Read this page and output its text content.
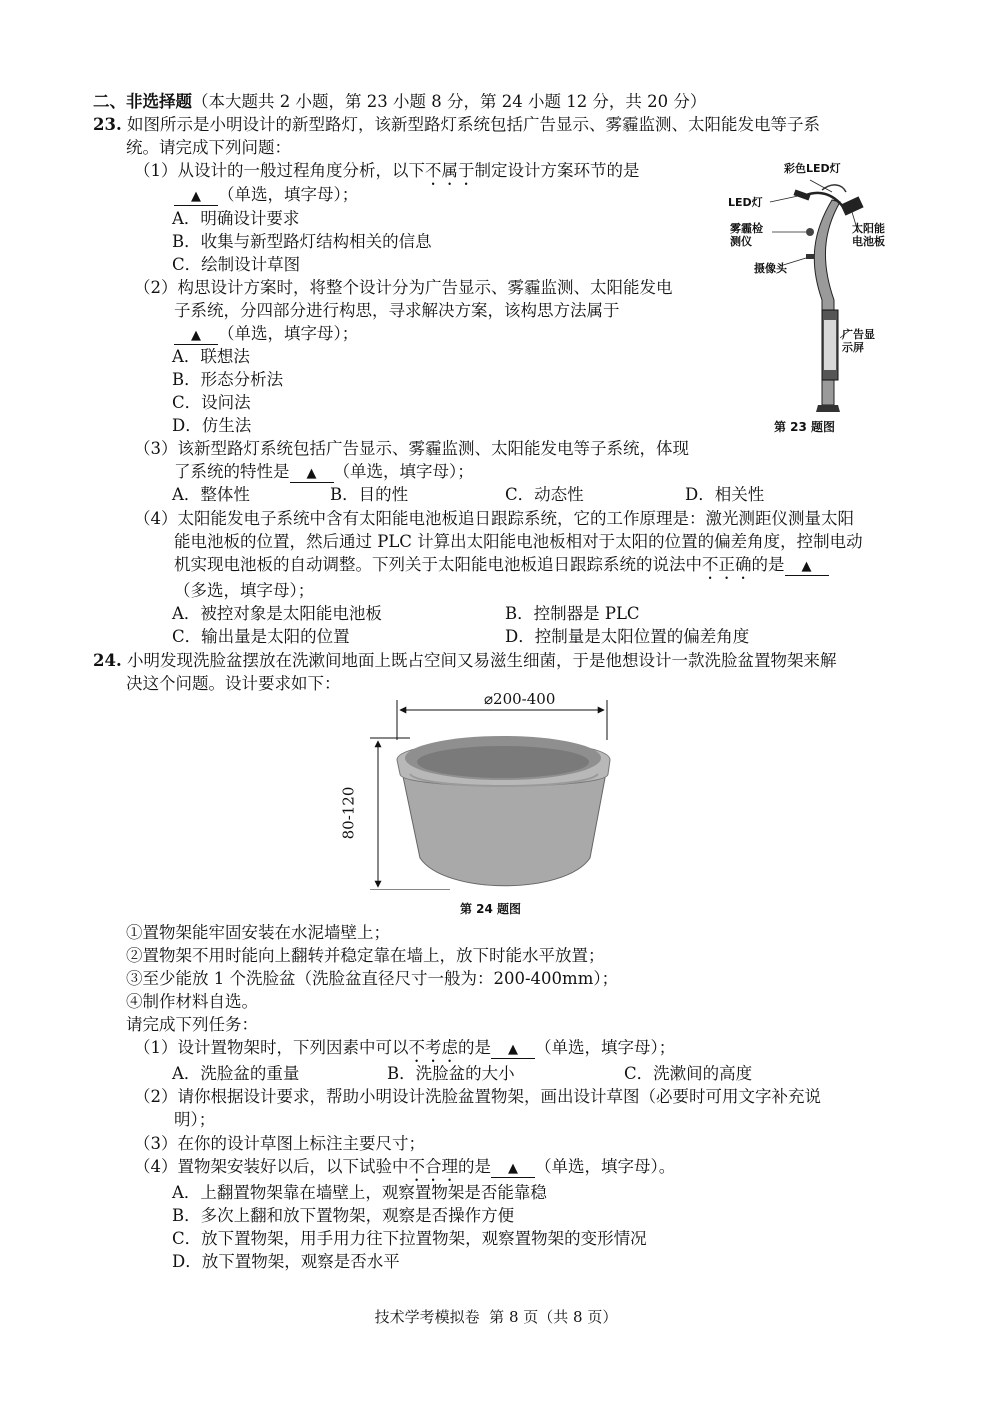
二、非选择题（本大题共 2 小题，第 23 小题 8 分，第 24 小题 12 分，共 20 分）
23. 如图所示是小明设计的新型路灯，该新型路灯系统包括广告显示、雾霾监测、太阳能发电等子系
统。请完成下列问题：
（1）从设计的一般过程角度分析，以下不属于制定设计方案环节的是
▲ （单选，填字母）；
A．明确设计要求
B．收集与新型路灯结构相关的信息
C．绘制设计草图
（2）构思设计方案时，将整个设计分为广告显示、雾霾监测、太阳能发电
子系统，分四部分进行构思，寻求解决方案，该构思方法属于
▲ （单选，填字母）；
A．联想法
B．形态分析法
C．设问法
D．仿生法
（3）该新型路灯系统包括广告显示、雾霾监测、太阳能发电等子系统，体现
了系统的特性是 ▲ （单选，填字母）；
A．整体性	B．目的性	C．动态性	D．相关性
（4）太阳能发电子系统中含有太阳能电池板追日跟踪系统，它的工作原理是：激光测距仪测量太阳
能电池板的位置，然后通过 PLC 计算出太阳能电池板相对于太阳的位置的偏差角度，控制电动
机实现电池板的自动调整。下列关于太阳能电池板追日跟踪系统的说法中不正确的是 ▲
（多选，填字母）；
A．被控对象是太阳能电池板	B．控制器是 PLC
C．输出量是太阳的位置	D．控制量是太阳位置的偏差角度
彩色LED灯
LED灯
雾霾检测仪
太阳能电池板
摄像头
广告显示屏
第 23 题图
24. 小明发现洗脸盆摆放在洗漱间地面上既占空间又易滋生细菌，于是他想设计一款洗脸盆置物架来解
决这个问题。设计要求如下：
⌀200-400
80-120
第 24 题图
①置物架能牢固安装在水泥墙壁上；
②置物架不用时能向上翻转并稳定靠在墙上，放下时能水平放置；
③至少能放 1 个洗脸盆（洗脸盆直径尺寸一般为：200-400mm）；
④制作材料自选。
请完成下列任务：
（1）设计置物架时，下列因素中可以不考虑的是 ▲ （单选，填字母）；
A．洗脸盆的重量	B．洗脸盆的大小	C．洗漱间的高度
（2）请你根据设计要求，帮助小明设计洗脸盆置物架，画出设计草图（必要时可用文字补充说
明）；
（3）在你的设计草图上标注主要尺寸；
（4）置物架安装好以后，以下试验中不合理的是 ▲ （单选，填字母）。
A．上翻置物架靠在墙壁上，观察置物架是否能靠稳
B．多次上翻和放下置物架，观察是否操作方便
C．放下置物架，用手用力往下拉置物架，观察置物架的变形情况
D．放下置物架，观察是否水平
技术学考模拟卷  第 8 页（共 8 页）
